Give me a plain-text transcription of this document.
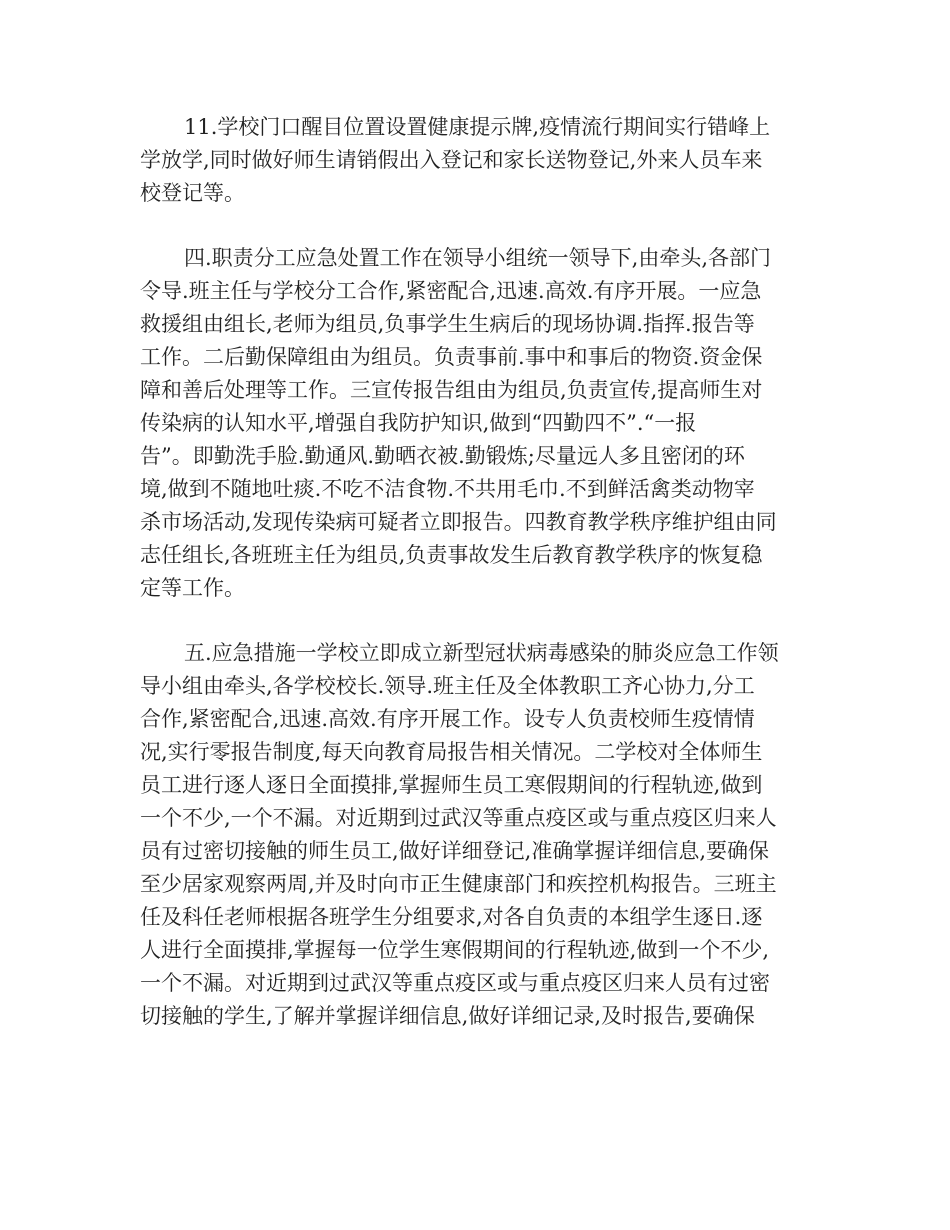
11.学校门口醒目位置设置健康提示牌,疫情流行期间实行错峰上
学放学,同时做好师生请销假出入登记和家长送物登记,外来人员车来
校登记等。
四.职责分工应急处置工作在领导小组统一领导下,由牵头,各部门
令导.班主任与学校分工合作,紧密配合,迅速.高效.有序开展。一应急
救援组由组长,老师为组员,负事学生生病后的现场协调.指挥.报告等
工作。二后勤保障组由为组员。负责事前.事中和事后的物资.资金保
障和善后处理等工作。三宣传报告组由为组员,负责宣传,提高师生对
传染病的认知水平,增强自我防护知识,做到“四勤四不”.“一报
告”。即勤洗手脸.勤通风.勤晒衣被.勤锻炼;尽量远人多且密闭的环
境,做到不随地吐痰.不吃不洁食物.不共用毛巾.不到鲜活禽类动物宰
杀市场活动,发现传染病可疑者立即报告。四教育教学秩序维护组由同
志任组长,各班班主任为组员,负责事故发生后教育教学秩序的恢复稳
定等工作。
五.应急措施一学校立即成立新型冠状病毒感染的肺炎应急工作领
导小组由牵头,各学校校长.领导.班主任及全体教职工齐心协力,分工
合作,紧密配合,迅速.高效.有序开展工作。设专人负责校师生疫情情
况,实行零报告制度,每天向教育局报告相关情况。二学校对全体师生
员工进行逐人逐日全面摸排,掌握师生员工寒假期间的行程轨迹,做到
一个不少,一个不漏。对近期到过武汉等重点疫区或与重点疫区归来人
员有过密切接触的师生员工,做好详细登记,准确掌握详细信息,要确保
至少居家观察两周,并及时向市正生健康部门和疾控机构报告。三班主
任及科任老师根据各班学生分组要求,对各自负责的本组学生逐日.逐
人进行全面摸排,掌握每一位学生寒假期间的行程轨迹,做到一个不少,
一个不漏。对近期到过武汉等重点疫区或与重点疫区归来人员有过密
切接触的学生,了解并掌握详细信息,做好详细记录,及时报告,要确保
